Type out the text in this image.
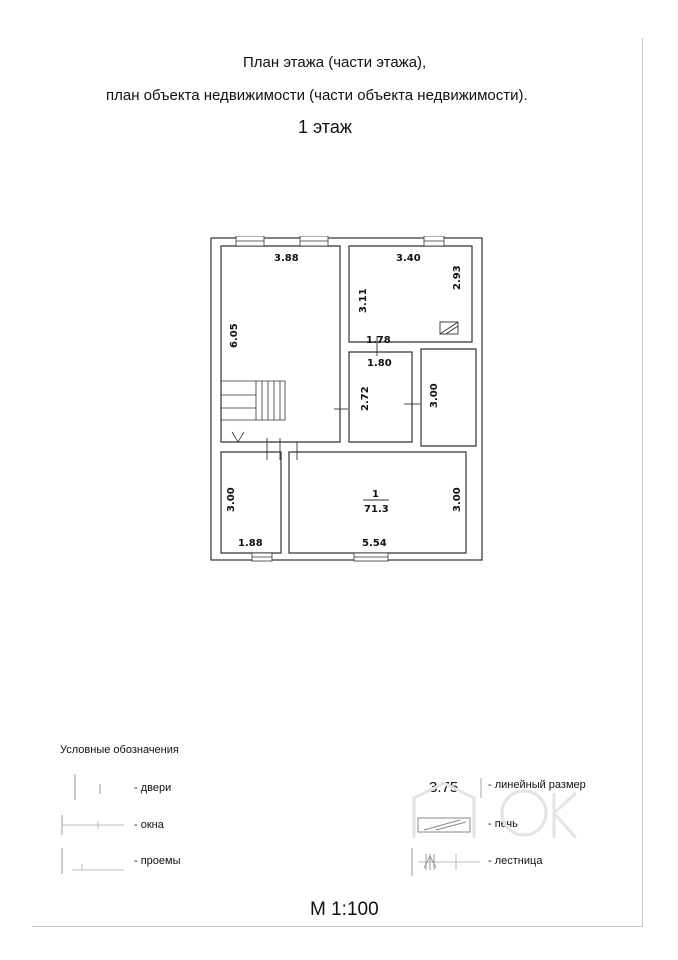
План этажа (части этажа),
план объекта недвижимости (части объекта недвижимости).
1 этаж
3.88	3.40
2.93
3.11
6.05	1.78
1.80
2.72	3.00
3.00	3.00
1.88	5.54
1
71.3
Условные обозначения
- двери
- окна
- проемы
3.75	- линейный размер
- печь
- лестница
М 1:100
